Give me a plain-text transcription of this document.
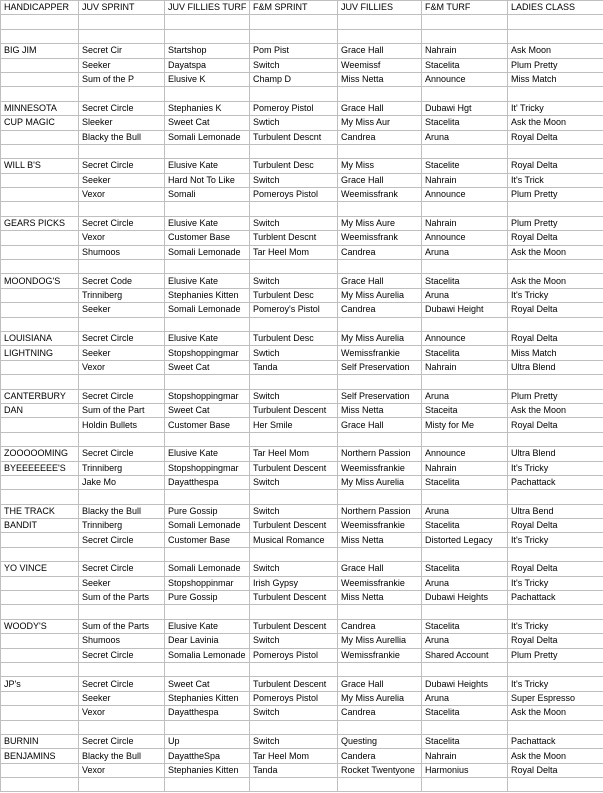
HANDICAPPER	JUV SPRINT	JUV FILLIES TURF	F&M SPRINT	JUV FILLIES	F&M TURF	LADIES CLASS

BIG JIM	Secret Cir	Startshop	Pom Pist	Grace Hall	Nahrain	Ask Moon
	Seeker	Dayatspa	Switch	Weemissf	Stacelita	Plum Pretty
	Sum of the P	Elusive K	Champ D	Miss Netta	Announce	Miss Match

MINNESOTA	Secret Circle	Stephanies K	Pomeroy Pistol	Grace Hall	Dubawi Hgt	It' Tricky
CUP MAGIC	Sleeker	Sweet Cat	Swtich	My Miss Aur	Stacelita	Ask the Moon
	Blacky the Bull	Somali Lemonade	Turbulent Descnt	Candrea	Aruna	Royal Delta

WILL B'S	Secret Circle	Elusive Kate	Turbulent Desc	My Miss	Stacelite	Royal Delta
	Seeker	Hard Not To Like	Switch	Grace Hall	Nahrain	It's Trick
	Vexor	Somali	Pomeroys Pistol	Weemissfrank	Announce	Plum Pretty

GEARS PICKS	Secret Circle	Elusive Kate	Switch	My Miss Aure	Nahrain	Plum Pretty
	Vexor	Customer Base	Turblent Descnt	Weemissfrank	Announce	Royal Delta
	Shumoos	Somali Lemonade	Tar Heel Mom	Candrea	Aruna	Ask the Moon

MOONDOG'S	Secret Code	Elusive Kate	Switch	Grace Hall	Stacelita	Ask the Moon
	Trinniberg	Stephanies Kitten	Turbulent Desc	My Miss Aurelia	Aruna	It's Tricky
	Seeker	Somali Lemonade	Pomeroy's Pistol	Candrea	Dubawi Height	Royal Delta

LOUISIANA	Secret Circle	Elusive Kate	Turbulent Desc	My Miss Aurelia	Announce	Royal Delta
LIGHTNING	Seeker	Stopshoppingmar	Swtich	Wemissfrankie	Stacelita	Miss Match
	Vexor	Sweet Cat	Tanda	Self Preservation	Nahrain	Ultra Blend

CANTERBURY	Secret Circle	Stopshoppingmar	Switch	Self Preservation	Aruna	Plum Pretty
DAN	Sum of the Part	Sweet Cat	Turbulent Descent	Miss Netta	Staceita	Ask the Moon
	Holdin Bullets	Customer Base	Her Smile	Grace Hall	Misty for Me	Royal Delta

ZOOOOOMING	Secret Circle	Elusive Kate	Tar Heel Mom	Northern Passion	Announce	Ultra Blend
BYEEEEEEE'S	Trinniberg	Stopshoppingmar	Turbulent Descent	Weemissfrankie	Nahrain	It's Tricky
	Jake Mo	Dayatthespa	Switch	My Miss Aurelia	Stacelita	Pachattack

THE TRACK	Blacky the Bull	Pure Gossip	Switch	Northern Passion	Aruna	Ultra Bend
BANDIT	Trinniberg	Somali Lemonade	Turbulent Descent	Weemissfrankie	Stacelita	Royal Delta
	Secret Circle	Customer Base	Musical Romance	Miss Netta	Distorted Legacy	It's Tricky

YO VINCE	Secret Circle	Somali Lemonade	Switch	Grace Hall	Stacelita	Royal Delta
	Seeker	Stopshoppinmar	Irish Gypsy	Weemissfrankie	Aruna	It's Tricky
	Sum of the Parts	Pure Gossip	Turbulent Descent	Miss Netta	Dubawi Heights	Pachattack

WOODY'S	Sum of the Parts	Elusive Kate	Turbulent Descent	Candrea	Stacelita	It's Tricky
	Shumoos	Dear Lavinia	Switch	My Miss Aurellia	Aruna	Royal Delta
	Secret Circle	Somalia Lemonade	Pomeroys Pistol	Wemissfrankie	Shared Account	Plum Pretty

JP's	Secret Circle	Sweet Cat	Turbulent Descent	Grace Hall	Dubawi Heights	It's Tricky
	Seeker	Stephanies Kitten	Pomeroys Pistol	My Miss Aurelia	Aruna	Super Espresso
	Vexor	Dayatthespa	Switch	Candrea	Stacelita	Ask the Moon

BURNIN	Secret Circle	Up	Switch	Questing	Stacelita	Pachattack
BENJAMINS	Blacky the Bull	DayattheSpa	Tar Heel Mom	Candera	Nahrain	Ask the Moon
	Vexor	Stephanies Kitten	Tanda	Rocket Twentyone	Harmonius	Royal Delta
